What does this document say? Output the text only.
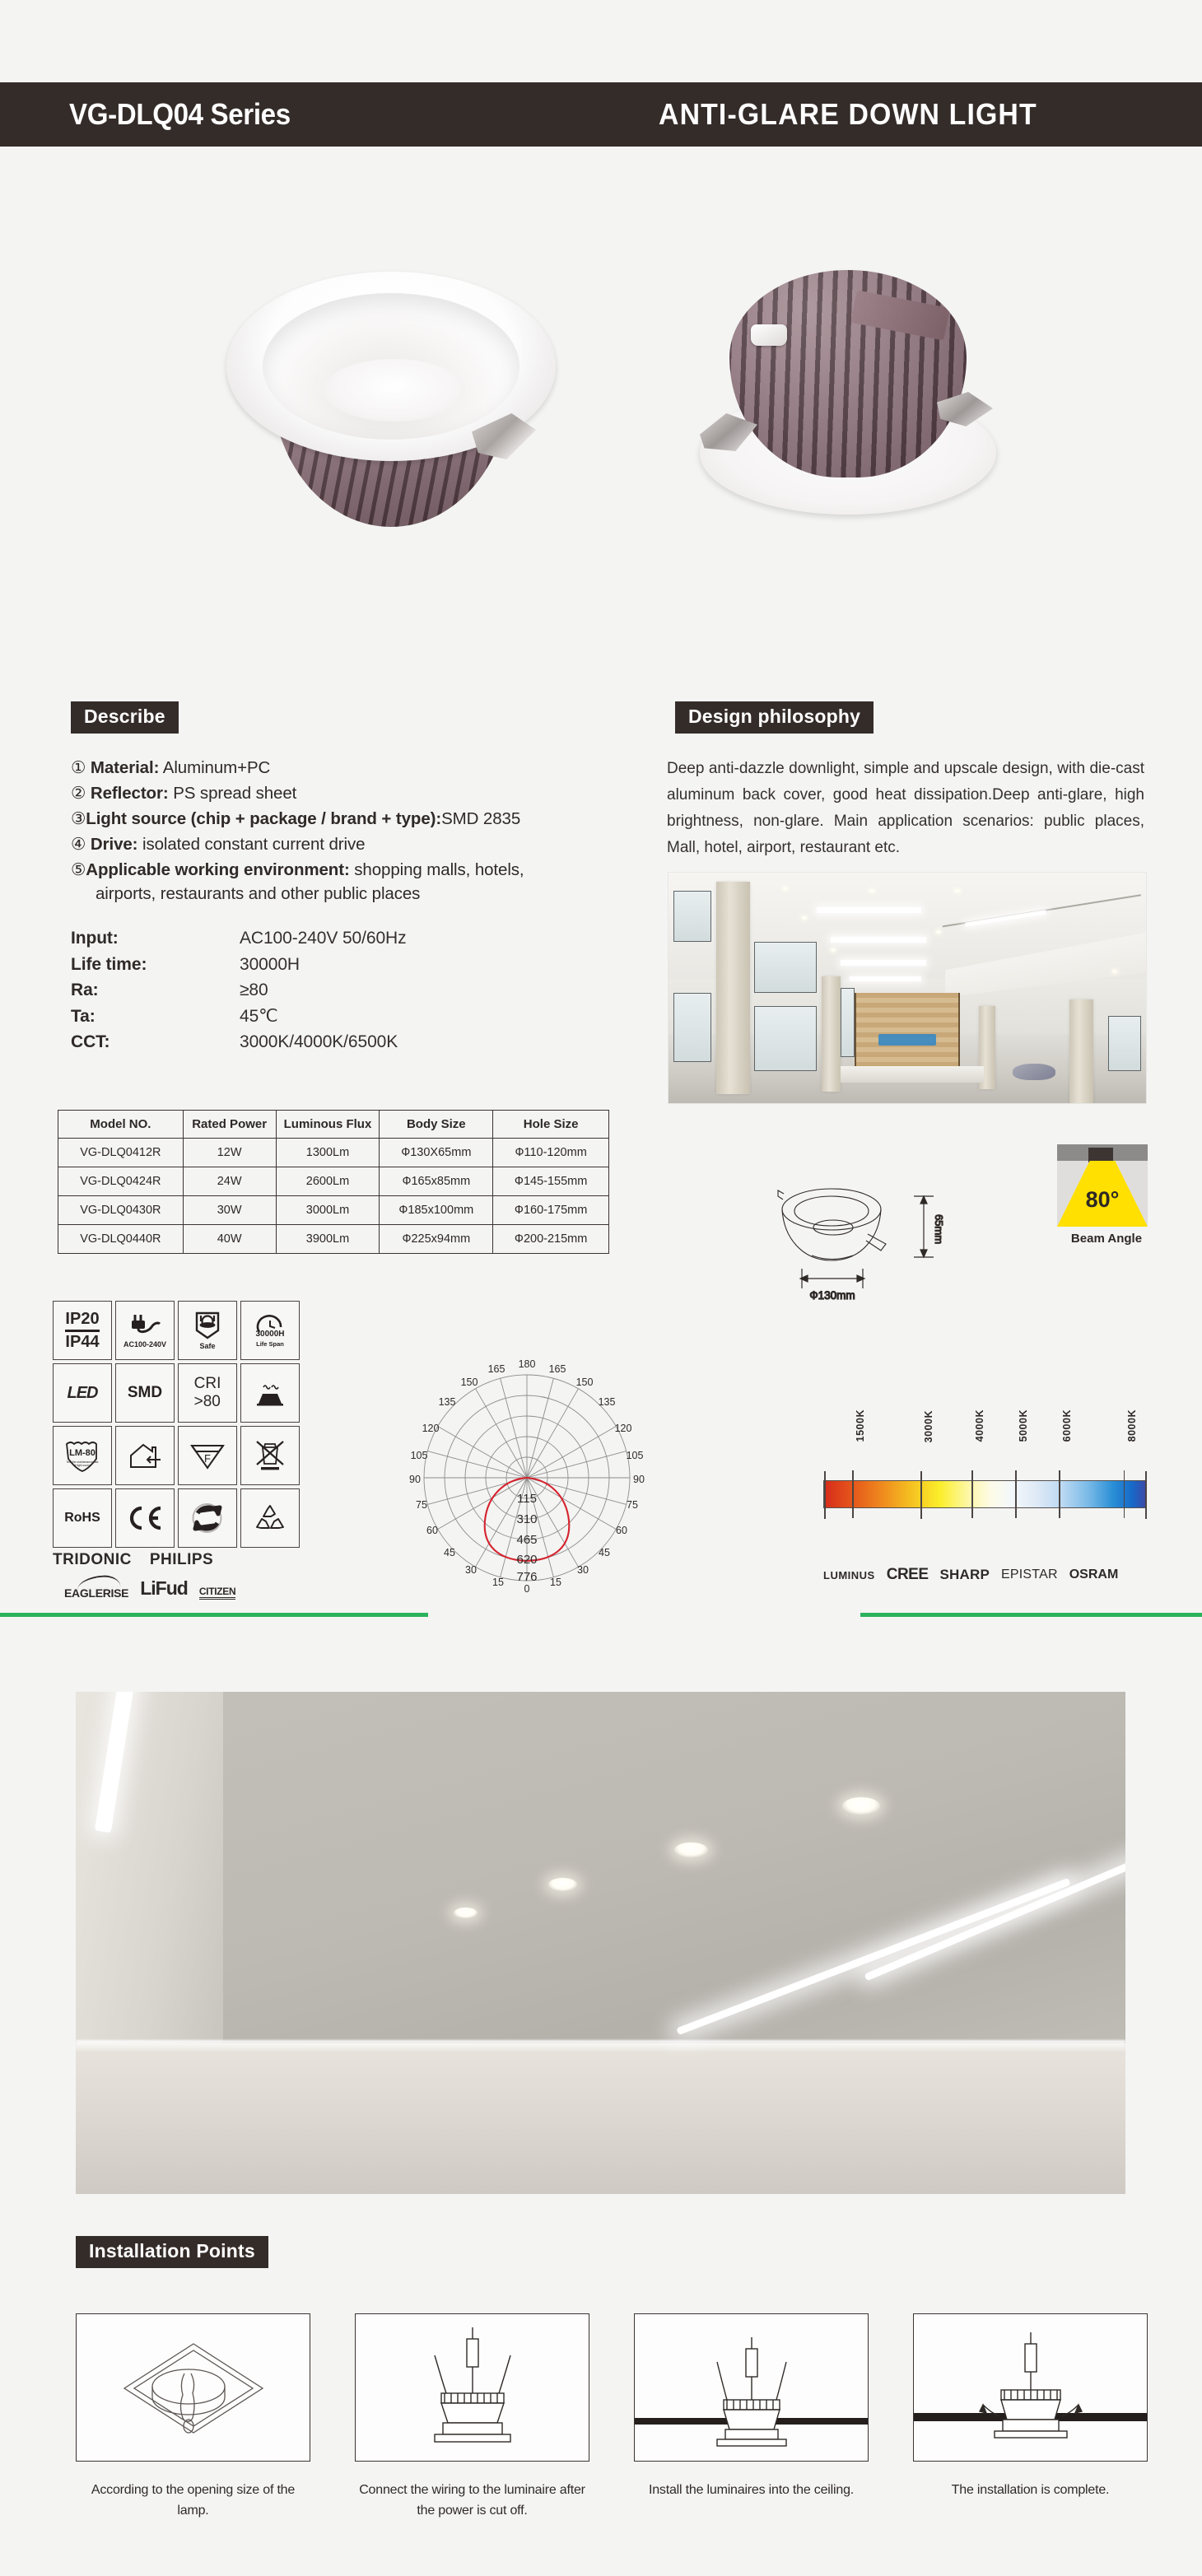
VG-DLQ04 Series	ANTI-GLARE DOWN LIGHT
Describe
① Material: Aluminum+PC
② Reflector: PS spread sheet
③Light source (chip + package / brand + type):SMD 2835
④ Drive: isolated constant current drive
⑤Applicable working environment: shopping malls, hotels,
airports, restaurants and other public places
Input:	AC100-240V 50/60Hz
Life time:	30000H
Ra:	≥80
Ta:	45℃
CCT:	3000K/4000K/6500K
Model NO.	Rated Power	Luminous Flux	Body Size	Hole Size
VG-DLQ0412R	12W	1300Lm	Ф130X65mm	Ф110-120mm
VG-DLQ0424R	24W	2600Lm	Ф165x85mm	Ф145-155mm
VG-DLQ0430R	30W	3000Lm	Ф185x100mm	Ф160-175mm
VG-DLQ0440R	40W	3900Lm	Ф225x94mm	Ф200-215mm
IP20
IP44	AC100-240V	Safe
30000H
Life Span
LED SMD
CRI
>80
LM-80
Test the maintenance rate
of light source
F
RoHS
TRIDONIC PHILIPS
EAGLERISE LiFud CITIZEN
180
165	165
150	150
135	135
120	120
105	105
90	90
75	75
60	60
45	45
30	30
15	15
0
115
310
465
620
776
Design philosophy
Deep anti-dazzle downlight, simple and upscale design, with die-cast aluminum back cover, good heat dissipation.Deep anti-glare, high brightness, non-glare. Main application scenarios: public places, Mall, hotel, airport, restaurant etc.
65mm
Ф130mm
80°
Beam Angle
3000K
1500K	4000K	5000K	6000K	8000K
LUMINUS CREE SHARP EPISTAR OSRAM
Installation Points
According to the opening size of the lamp.
Connect the wiring to the luminaire after the power is cut off.
Install the luminaires into the ceiling.	The installation is complete.
